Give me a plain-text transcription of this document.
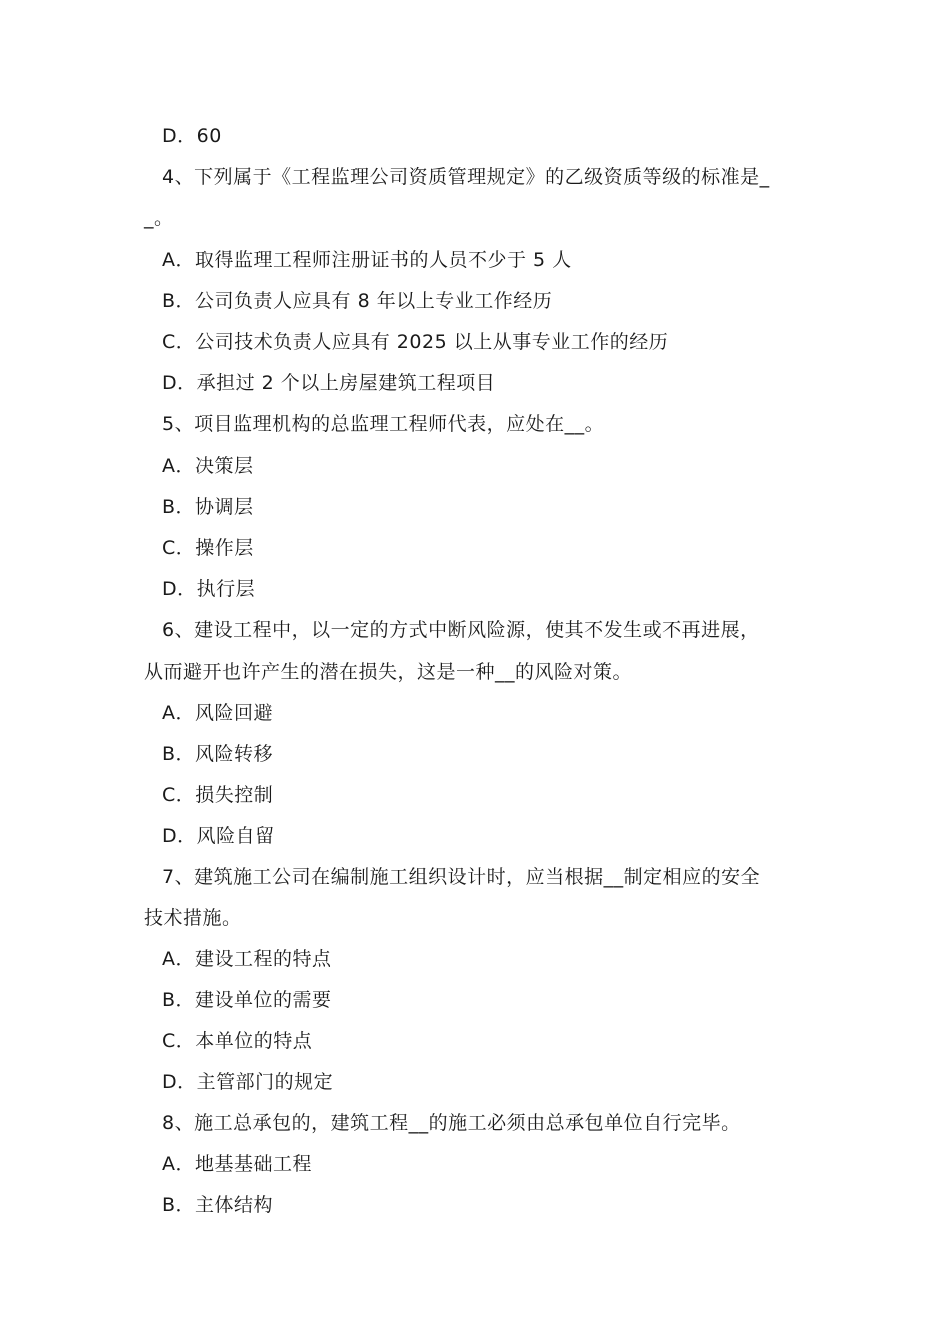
D．60
4、下列属于《工程监理公司资质管理规定》的乙级资质等级的标准是_
_。
A．取得监理工程师注册证书的人员不少于 5 人
B．公司负责人应具有 8 年以上专业工作经历
C．公司技术负责人应具有 2025 以上从事专业工作的经历
D．承担过 2 个以上房屋建筑工程项目
5、项目监理机构的总监理工程师代表，应处在__。
A．决策层
B．协调层
C．操作层
D．执行层
6、建设工程中，以一定的方式中断风险源，使其不发生或不再进展，
从而避开也许产生的潜在损失，这是一种__的风险对策。
A．风险回避
B．风险转移
C．损失控制
D．风险自留
7、建筑施工公司在编制施工组织设计时，应当根据__制定相应的安全
技术措施。
A．建设工程的特点
B．建设单位的需要
C．本单位的特点
D．主管部门的规定
8、施工总承包的，建筑工程__的施工必须由总承包单位自行完毕。
A．地基基础工程
B．主体结构
